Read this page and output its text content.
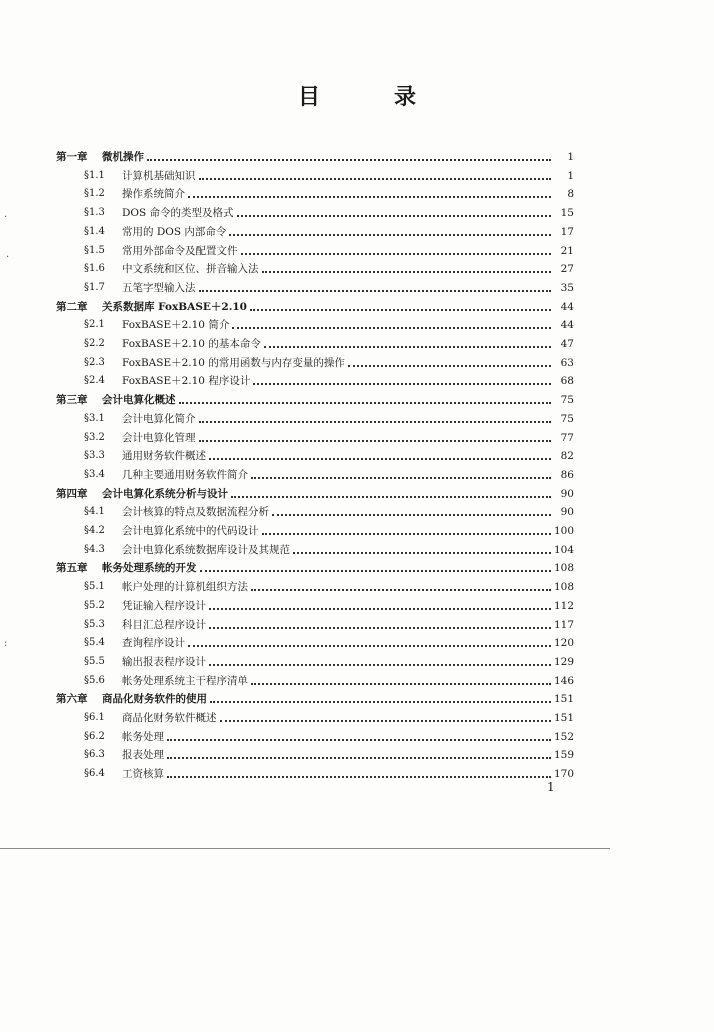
目　录
第一章	微机操作	1
§1.1	计算机基础知识	1
§1.2	操作系统简介	8
§1.3	DOS 命令的类型及格式	15
§1.4	常用的 DOS 内部命令	17
§1.5	常用外部命令及配置文件	21
§1.6	中文系统和区位、拼音输入法	27
§1.7	五笔字型输入法	35
第二章	关系数据库 FoxBASE＋2.10	44
§2.1	FoxBASE＋2.10 简介	44
§2.2	FoxBASE＋2.10 的基本命令	47
§2.3	FoxBASE＋2.10 的常用函数与内存变量的操作	63
§2.4	FoxBASE＋2.10 程序设计	68
第三章	会计电算化概述	75
§3.1	会计电算化简介	75
§3.2	会计电算化管理	77
§3.3	通用财务软件概述	82
§3.4	几种主要通用财务软件简介	86
第四章	会计电算化系统分析与设计	90
§4.1	会计核算的特点及数据流程分析	90
§4.2	会计电算化系统中的代码设计	100
§4.3	会计电算化系统数据库设计及其规范	104
第五章	帐务处理系统的开发	108
§5.1	帐户处理的计算机组织方法	108
§5.2	凭证输入程序设计	112
§5.3	科目汇总程序设计	117
§5.4	查询程序设计	120
§5.5	输出报表程序设计	129
§5.6	帐务处理系统主干程序清单	146
第六章	商品化财务软件的使用	151
§6.1	商品化财务软件概述	151
§6.2	帐务处理	152
§6.3	报表处理	159
§6.4	工资核算	170
1
·
·
:
